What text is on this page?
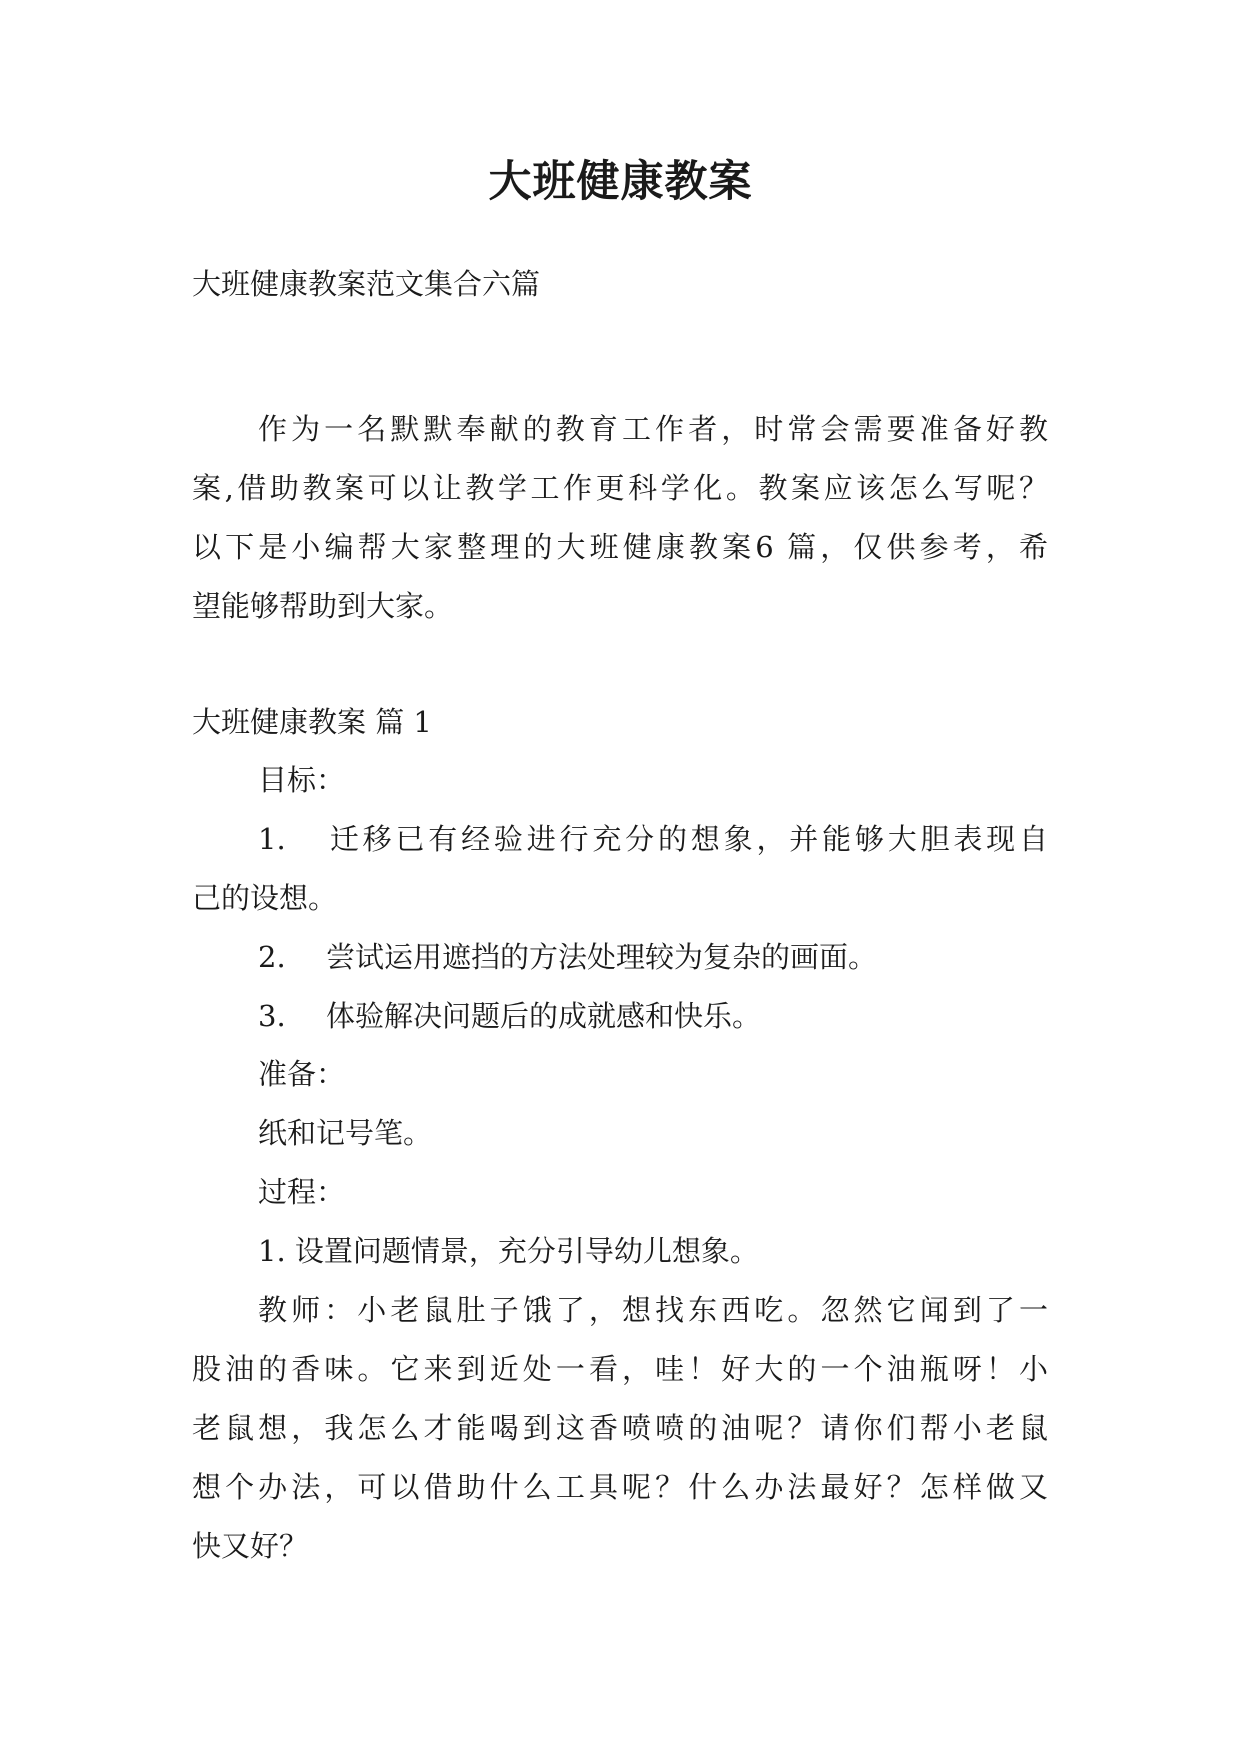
大班健康教案

大班健康教案范文集合六篇

作为一名默默奉献的教育工作者，时常会需要准备好教

案,借助教案可以让教学工作更科学化。教案应该怎么写呢？

以下是小编帮大家整理的大班健康教案6 篇，仅供参考，希

望能够帮助到大家。

大班健康教案 篇 1

目标：

1. 迁移已有经验进行充分的想象，并能够大胆表现自

己的设想。

2. 尝试运用遮挡的方法处理较为复杂的画面。

3. 体验解决问题后的成就感和快乐。

准备：

纸和记号笔。

过程：

1. 设置问题情景，充分引导幼儿想象。

教师：小老鼠肚子饿了，想找东西吃。忽然它闻到了一

股油的香味。它来到近处一看，哇！好大的一个油瓶呀！小

老鼠想，我怎么才能喝到这香喷喷的油呢？请你们帮小老鼠

想个办法，可以借助什么工具呢？什么办法最好？怎样做又

快又好？
